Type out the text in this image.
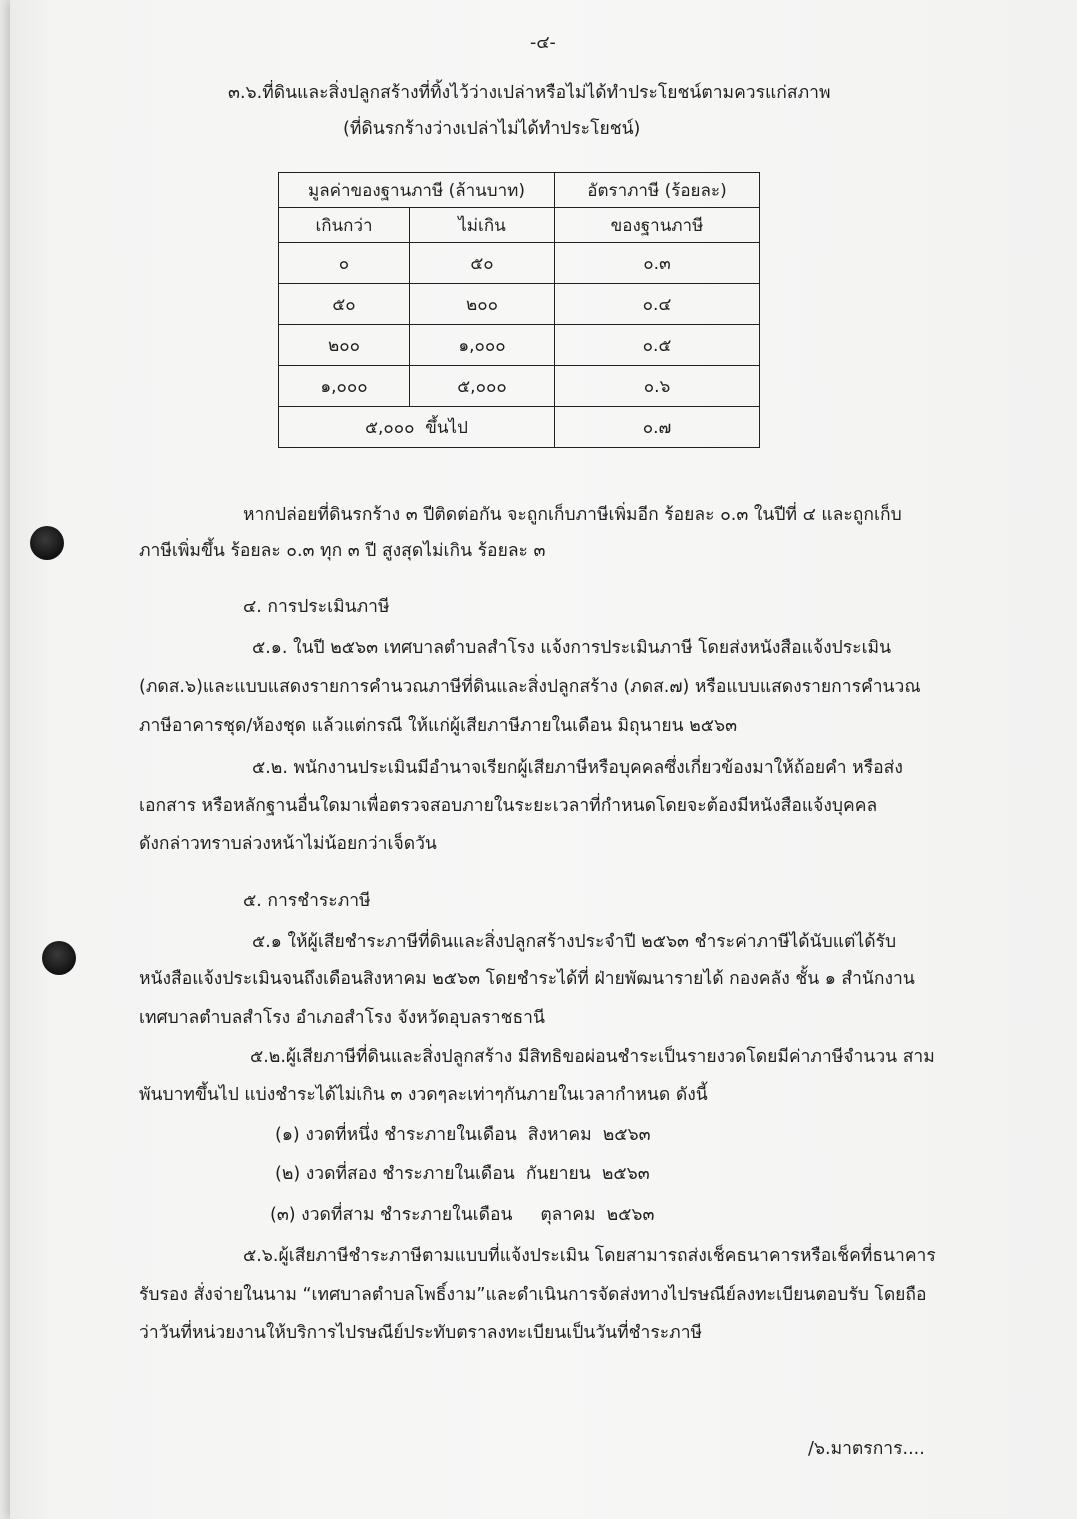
-๔-
๓.๖.ที่ดินและสิ่งปลูกสร้างที่ทิ้งไว้ว่างเปล่าหรือไม่ได้ทำประโยชน์ตามควรแก่สภาพ
(ที่ดินรกร้างว่างเปล่าไม่ได้ทำประโยชน์)
มูลค่าของฐานภาษี (ล้านบาท)		อัตราภาษี (ร้อยละ)
เกินกว่า	ไม่เกิน	ของฐานภาษี
๐	๕๐	๐.๓
๕๐	๒๐๐	๐.๔
๒๐๐	๑,๐๐๐	๐.๕
๑,๐๐๐	๕,๐๐๐	๐.๖
๕,๐๐๐  ขึ้นไป		๐.๗
หากปล่อยที่ดินรกร้าง ๓ ปีติดต่อกัน จะถูกเก็บภาษีเพิ่มอีก ร้อยละ ๐.๓ ในปีที่ ๔ และถูกเก็บ
ภาษีเพิ่มขึ้น ร้อยละ ๐.๓ ทุก ๓ ปี สูงสุดไม่เกิน ร้อยละ ๓
๔. การประเมินภาษี
๕.๑. ในปี ๒๕๖๓ เทศบาลตำบลสำโรง แจ้งการประเมินภาษี โดยส่งหนังสือแจ้งประเมิน
(ภดส.๖)และแบบแสดงรายการคำนวณภาษีที่ดินและสิ่งปลูกสร้าง (ภดส.๗) หรือแบบแสดงรายการคำนวณ
ภาษีอาคารชุด/ห้องชุด แล้วแต่กรณี ให้แก่ผู้เสียภาษีภายในเดือน มิถุนายน ๒๕๖๓
๕.๒. พนักงานประเมินมีอำนาจเรียกผู้เสียภาษีหรือบุคคลซึ่งเกี่ยวข้องมาให้ถ้อยคำ หรือส่ง
เอกสาร หรือหลักฐานอื่นใดมาเพื่อตรวจสอบภายในระยะเวลาที่กำหนดโดยจะต้องมีหนังสือแจ้งบุคคล
ดังกล่าวทราบล่วงหน้าไม่น้อยกว่าเจ็ดวัน
๕. การชำระภาษี
๕.๑ ให้ผู้เสียชำระภาษีที่ดินและสิ่งปลูกสร้างประจำปี ๒๕๖๓ ชำระค่าภาษีได้นับแต่ได้รับ
หนังสือแจ้งประเมินจนถึงเดือนสิงหาคม ๒๕๖๓ โดยชำระได้ที่ ฝ่ายพัฒนารายได้ กองคลัง ชั้น ๑ สำนักงาน
เทศบาลตำบลสำโรง อำเภอสำโรง จังหวัดอุบลราชธานี
๕.๒.ผู้เสียภาษีที่ดินและสิ่งปลูกสร้าง มีสิทธิขอผ่อนชำระเป็นรายงวดโดยมีค่าภาษีจำนวน สาม
พันบาทขึ้นไป แบ่งชำระได้ไม่เกิน ๓ งวดๆละเท่าๆกันภายในเวลากำหนด ดังนี้
(๑) งวดที่หนึ่ง ชำระภายในเดือน  สิงหาคม  ๒๕๖๓
(๒) งวดที่สอง ชำระภายในเดือน  กันยายน  ๒๕๖๓
(๓) งวดที่สาม ชำระภายในเดือน     ตุลาคม  ๒๕๖๓
๕.๖.ผู้เสียภาษีชำระภาษีตามแบบที่แจ้งประเมิน โดยสามารถส่งเช็คธนาคารหรือเช็คที่ธนาคาร
รับรอง สั่งจ่ายในนาม “เทศบาลตำบลโพธิ์งาม”และดำเนินการจัดส่งทางไปรษณีย์ลงทะเบียนตอบรับ โดยถือ
ว่าวันที่หน่วยงานให้บริการไปรษณีย์ประทับตราลงทะเบียนเป็นวันที่ชำระภาษี
/๖.มาตรการ....
